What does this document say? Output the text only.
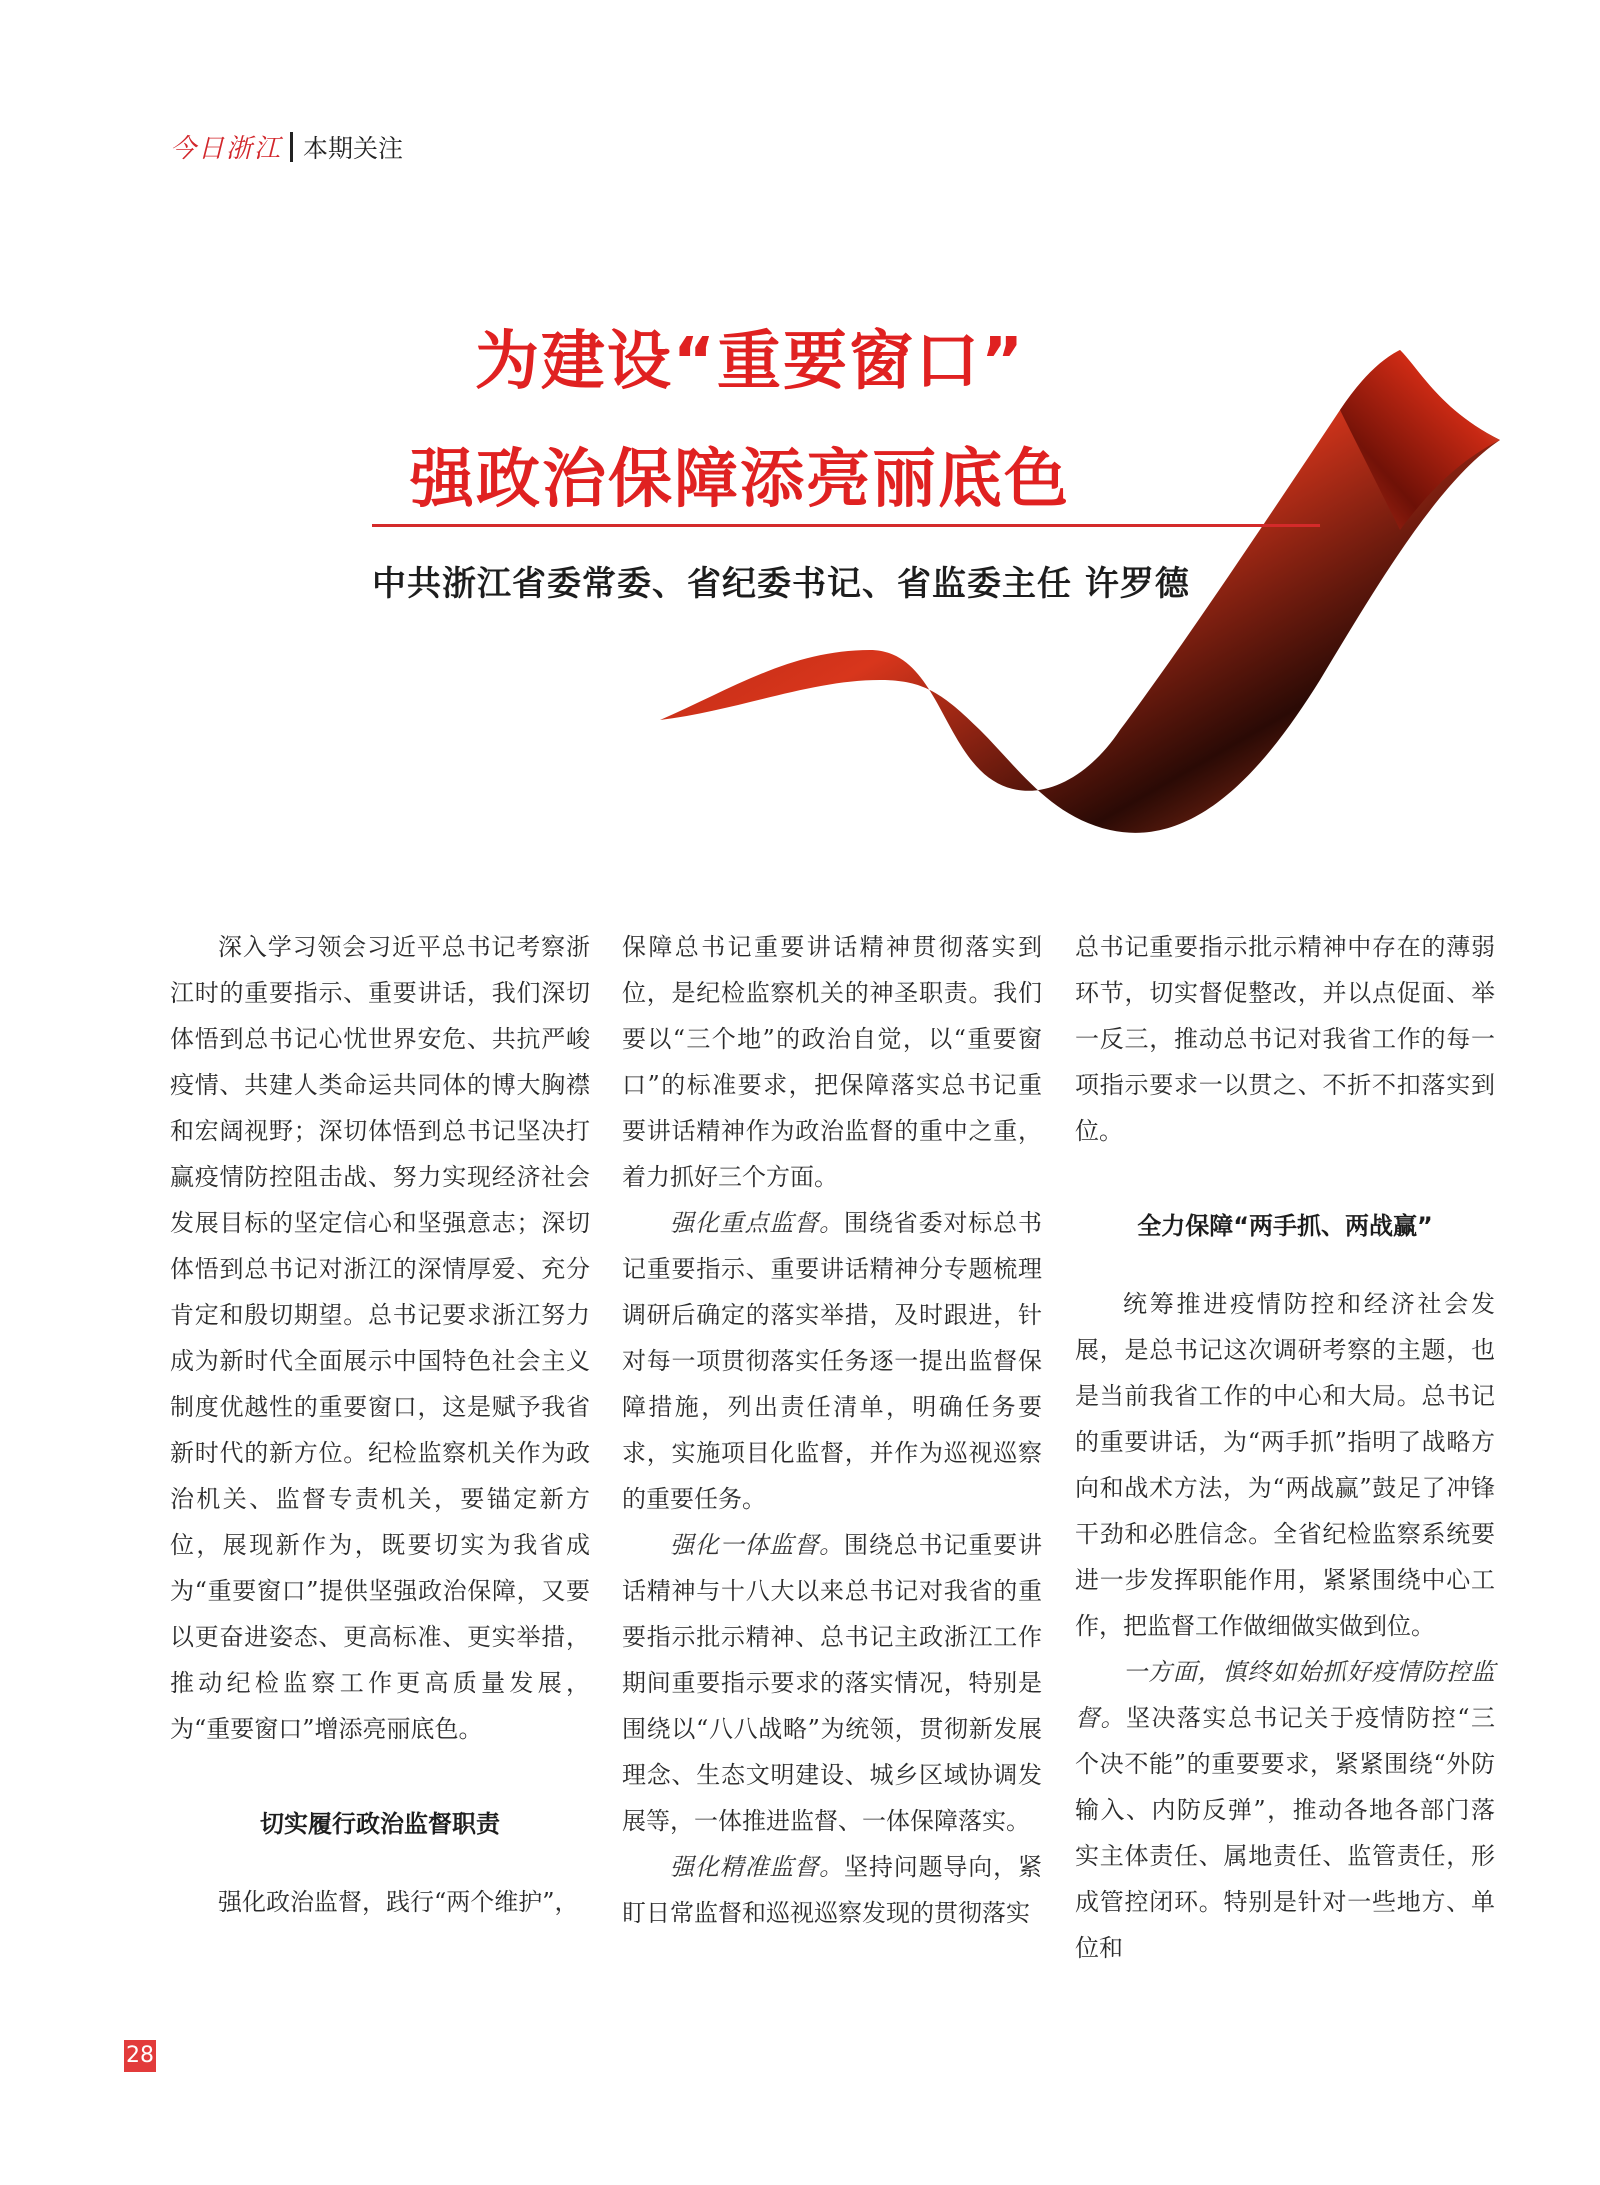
今日浙江 本期关注
为建设“重要窗口”
强政治保障添亮丽底色
中共浙江省委常委、省纪委书记、省监委主任 许罗德

深入学习领会习近平总书记考察浙江时的重要指示、重要讲话，我们深切体悟到总书记心忧世界安危、共抗严峻疫情、共建人类命运共同体的博大胸襟和宏阔视野；深切体悟到总书记坚决打赢疫情防控阻击战、努力实现经济社会发展目标的坚定信心和坚强意志；深切体悟到总书记对浙江的深情厚爱、充分肯定和殷切期望。总书记要求浙江努力成为新时代全面展示中国特色社会主义制度优越性的重要窗口，这是赋予我省新时代的新方位。纪检监察机关作为政治机关、监督专责机关，要锚定新方位，展现新作为，既要切实为我省成为“重要窗口”提供坚强政治保障，又要以更奋进姿态、更高标准、更实举措，推动纪检监察工作更高质量发展，为“重要窗口”增添亮丽底色。

切实履行政治监督职责

强化政治监督，践行“两个维护”，

保障总书记重要讲话精神贯彻落实到位，是纪检监察机关的神圣职责。我们要以“三个地”的政治自觉，以“重要窗口”的标准要求，把保障落实总书记重要讲话精神作为政治监督的重中之重，着力抓好三个方面。

强化重点监督。围绕省委对标总书记重要指示、重要讲话精神分专题梳理调研后确定的落实举措，及时跟进，针对每一项贯彻落实任务逐一提出监督保障措施，列出责任清单，明确任务要求，实施项目化监督，并作为巡视巡察的重要任务。

强化一体监督。围绕总书记重要讲话精神与十八大以来总书记对我省的重要指示批示精神、总书记主政浙江工作期间重要指示要求的落实情况，特别是围绕以“八八战略”为统领，贯彻新发展理念、生态文明建设、城乡区域协调发展等，一体推进监督、一体保障落实。

强化精准监督。坚持问题导向，紧盯日常监督和巡视巡察发现的贯彻落实

总书记重要指示批示精神中存在的薄弱环节，切实督促整改，并以点促面、举一反三，推动总书记对我省工作的每一项指示要求一以贯之、不折不扣落实到位。

全力保障“两手抓、两战赢”

统筹推进疫情防控和经济社会发展，是总书记这次调研考察的主题，也是当前我省工作的中心和大局。总书记的重要讲话，为“两手抓”指明了战略方向和战术方法，为“两战赢”鼓足了冲锋干劲和必胜信念。全省纪检监察系统要进一步发挥职能作用，紧紧围绕中心工作，把监督工作做细做实做到位。

一方面，慎终如始抓好疫情防控监督。坚决落实总书记关于疫情防控“三个决不能”的重要要求，紧紧围绕“外防输入、内防反弹”，推动各地各部门落实主体责任、属地责任、监管责任，形成管控闭环。特别是针对一些地方、单位和

28
